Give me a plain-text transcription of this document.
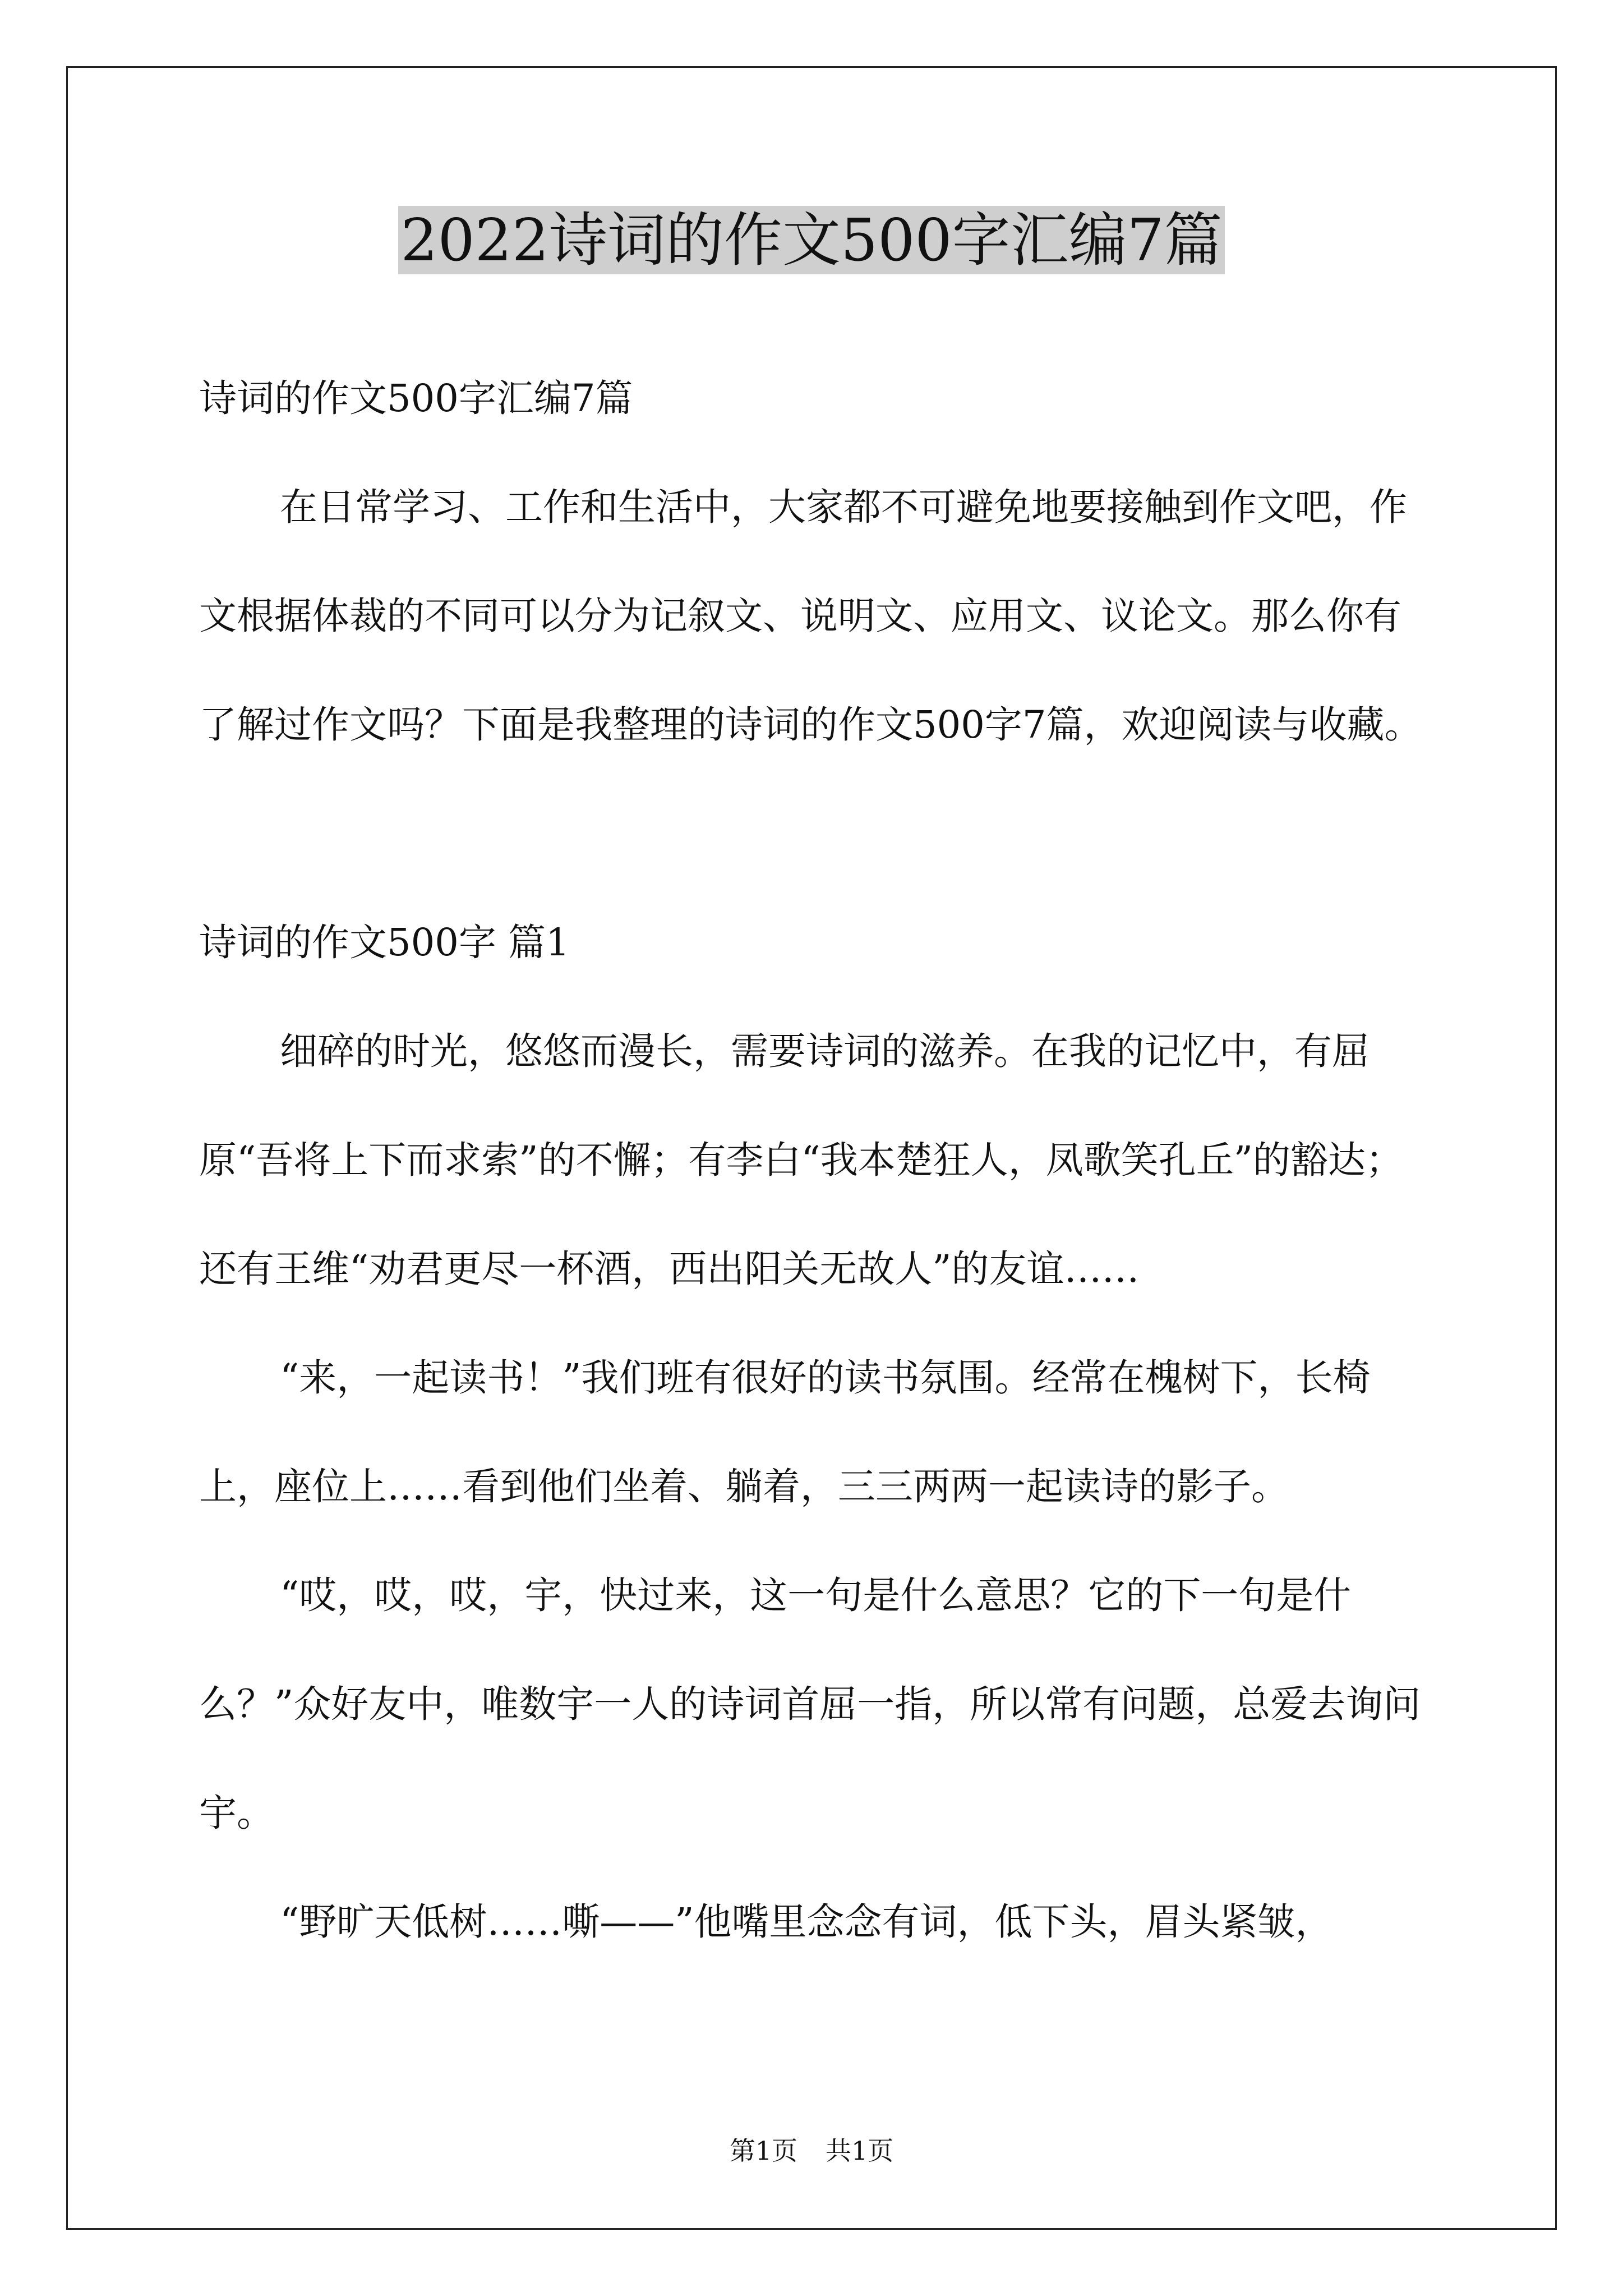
2022诗词的作文500字汇编7篇

诗词的作文500字汇编7篇

在日常学习、工作和生活中，大家都不可避免地要接触到作文吧，作文根据体裁的不同可以分为记叙文、说明文、应用文、议论文。那么你有了解过作文吗？下面是我整理的诗词的作文500字7篇，欢迎阅读与收藏。

诗词的作文500字 篇1

细碎的时光，悠悠而漫长，需要诗词的滋养。在我的记忆中，有屈原“吾将上下而求索”的不懈；有李白“我本楚狂人，凤歌笑孔丘”的豁达；还有王维“劝君更尽一杯酒，西出阳关无故人”的友谊……

“来，一起读书！”我们班有很好的读书氛围。经常在槐树下，长椅上，座位上……看到他们坐着、躺着，三三两两一起读诗的影子。

“哎，哎，哎，宇，快过来，这一句是什么意思？它的下一句是什么？”众好友中，唯数宇一人的诗词首屈一指，所以常有问题，总爱去询问宇。

“野旷天低树……嘶——”他嘴里念念有词，低下头，眉头紧皱，

第1页 共1页
